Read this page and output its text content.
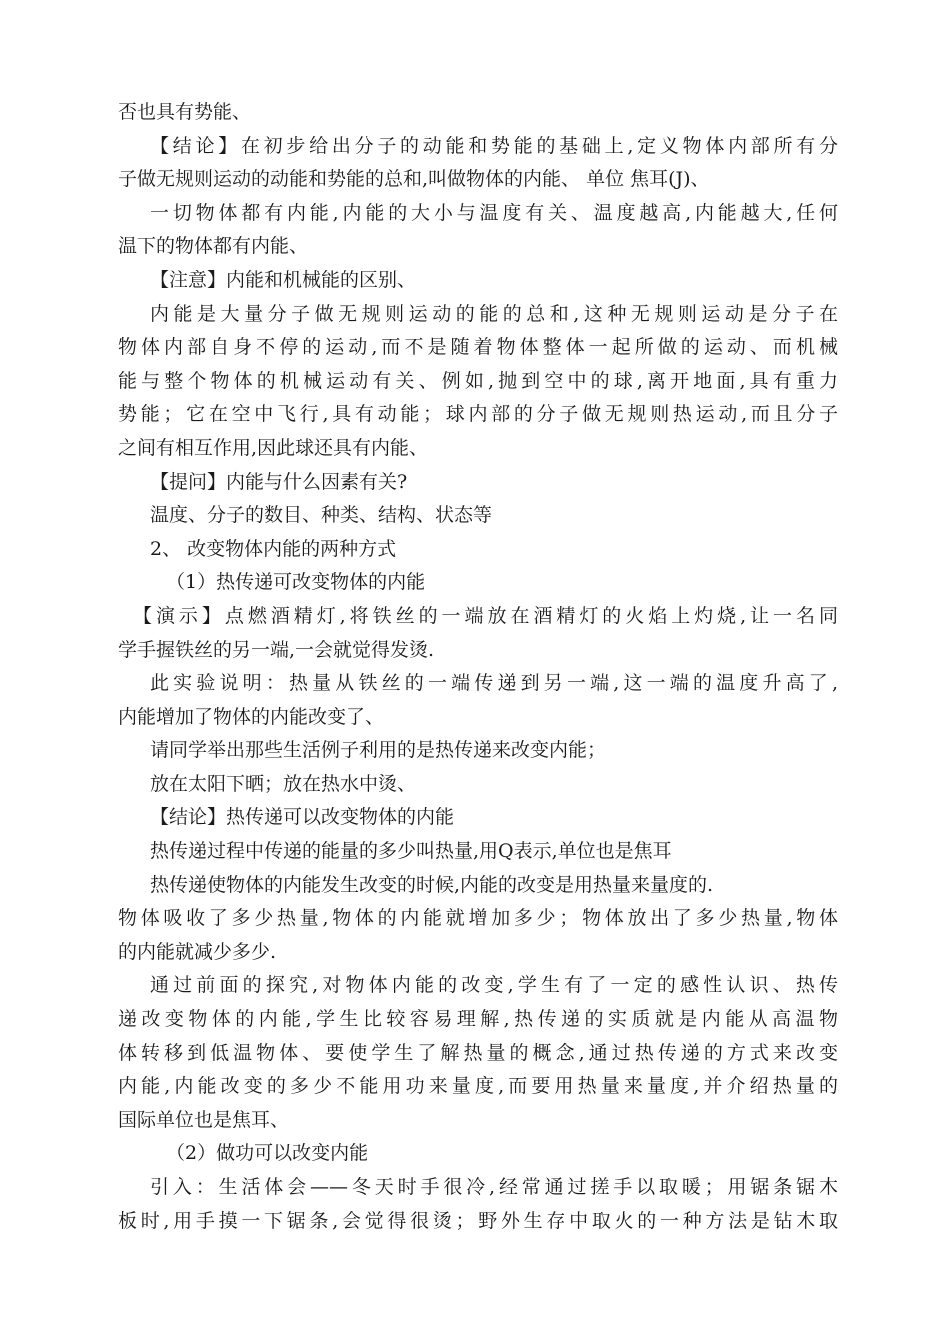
否也具有势能、
【结论】在初步给出分子的动能和势能的基础上,定义物体内部所有分
子做无规则运动的动能和势能的总和,叫做物体的内能、 单位 焦耳(J)、
一切物体都有内能,内能的大小与温度有关、温度越高,内能越大,任何
温下的物体都有内能、
【注意】内能和机械能的区别、
内能是大量分子做无规则运动的能的总和,这种无规则运动是分子在
物体内部自身不停的运动,而不是随着物体整体一起所做的运动、而机械
能与整个物体的机械运动有关、例如,抛到空中的球,离开地面,具有重力
势能；它在空中飞行,具有动能；球内部的分子做无规则热运动,而且分子
之间有相互作用,因此球还具有内能、
【提问】内能与什么因素有关?
温度、分子的数目、种类、结构、状态等
2、 改变物体内能的两种方式
（1）热传递可改变物体的内能
【演示】点燃酒精灯,将铁丝的一端放在酒精灯的火焰上灼烧,让一名同
学手握铁丝的另一端,一会就觉得发烫.
此实验说明：热量从铁丝的一端传递到另一端,这一端的温度升高了,
内能增加了物体的内能改变了、
请同学举出那些生活例子利用的是热传递来改变内能；
放在太阳下晒；放在热水中烫、
【结论】热传递可以改变物体的内能
热传递过程中传递的能量的多少叫热量,用Q表示,单位也是焦耳
热传递使物体的内能发生改变的时候,内能的改变是用热量来量度的.
物体吸收了多少热量,物体的内能就增加多少；物体放出了多少热量,物体
的内能就减少多少.
通过前面的探究,对物体内能的改变,学生有了一定的感性认识、热传
递改变物体的内能,学生比较容易理解,热传递的实质就是内能从高温物
体转移到低温物体、要使学生了解热量的概念,通过热传递的方式来改变
内能,内能改变的多少不能用功来量度,而要用热量来量度,并介绍热量的
国际单位也是焦耳、
（2）做功可以改变内能
引入：生活体会——冬天时手很冷,经常通过搓手以取暖；用锯条锯木
板时,用手摸一下锯条,会觉得很烫；野外生存中取火的一种方法是钻木取
